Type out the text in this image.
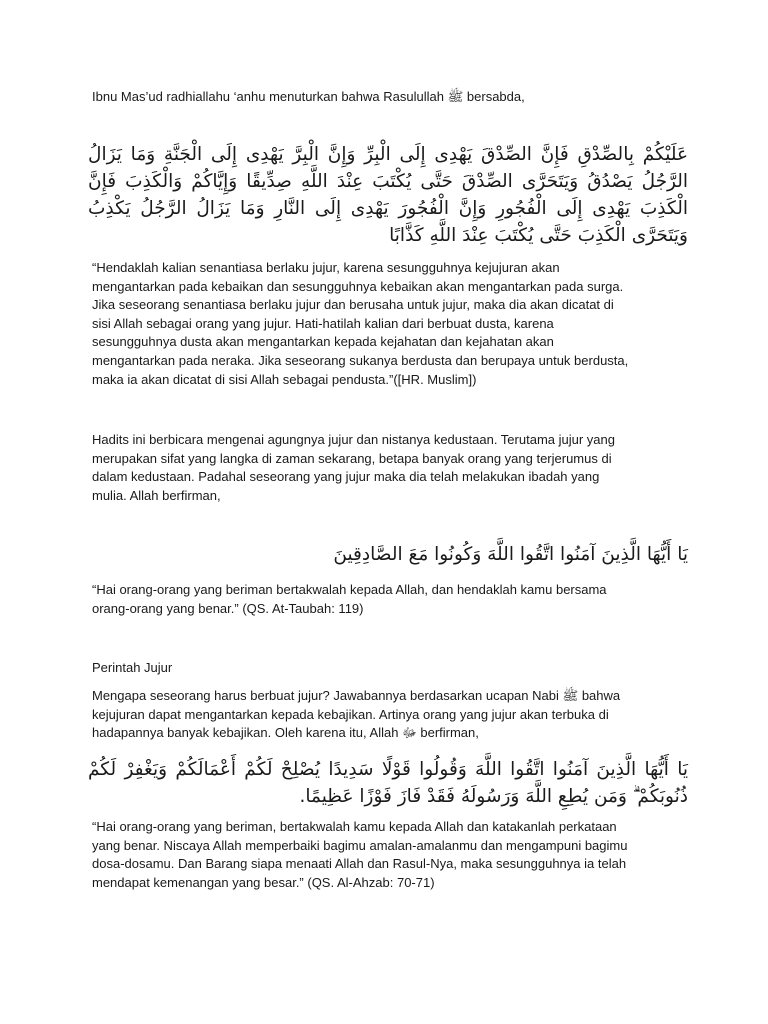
Ibnu Mas’ud radhiallahu ‘anhu menuturkan bahwa Rasulullah ﷺ bersabda,
عَلَيْكُمْ بِالصِّدْقِ فَإِنَّ الصِّدْقَ يَهْدِى إِلَى الْبِرِّ وَإِنَّ الْبِرَّ يَهْدِى إِلَى الْجَنَّةِ وَمَا يَزَالُ الرَّجُلُ يَصْدُقُ وَيَتَحَرَّى الصِّدْقَ حَتَّى يُكْتَبَ عِنْدَ اللَّهِ صِدِّيقًا وَإِيَّاكُمْ وَالْكَذِبَ فَإِنَّ الْكَذِبَ يَهْدِى إِلَى الْفُجُورِ وَإِنَّ الْفُجُورَ يَهْدِى إِلَى النَّارِ وَمَا يَزَالُ الرَّجُلُ يَكْذِبُ وَيَتَحَرَّى الْكَذِبَ حَتَّى يُكْتَبَ عِنْدَ اللَّهِ كَذَّابًا
“Hendaklah kalian senantiasa berlaku jujur, karena sesungguhnya kejujuran akan
mengantarkan pada kebaikan dan sesungguhnya kebaikan akan mengantarkan pada surga.
Jika seseorang senantiasa berlaku jujur dan berusaha untuk jujur, maka dia akan dicatat di
sisi Allah sebagai orang yang jujur. Hati-hatilah kalian dari berbuat dusta, karena
sesungguhnya dusta akan mengantarkan kepada kejahatan dan kejahatan akan
mengantarkan pada neraka. Jika seseorang sukanya berdusta dan berupaya untuk berdusta,
maka ia akan dicatat di sisi Allah sebagai pendusta.”([HR. Muslim])
Hadits ini berbicara mengenai agungnya jujur dan nistanya kedustaan. Terutama jujur yang
merupakan sifat yang langka di zaman sekarang, betapa banyak orang yang terjerumus di
dalam kedustaan. Padahal seseorang yang jujur maka dia telah melakukan ibadah yang
mulia. Allah berfirman,
يَا أَيُّهَا الَّذِينَ آمَنُوا اتَّقُوا اللَّهَ وَكُونُوا مَعَ الصَّادِقِينَ
“Hai orang-orang yang beriman bertakwalah kepada Allah, dan hendaklah kamu bersama
orang-orang yang benar.” (QS. At-Taubah: 119)
Perintah Jujur
Mengapa seseorang harus berbuat jujur? Jawabannya berdasarkan ucapan Nabi ﷺ bahwa
kejujuran dapat mengantarkan kepada kebajikan. Artinya orang yang jujur akan terbuka di
hadapannya banyak kebajikan. Oleh karena itu, Allah ﷻ berfirman,
يَا أَيُّهَا الَّذِينَ آمَنُوا اتَّقُوا اللَّهَ وَقُولُوا قَوْلًا سَدِيدًا يُصْلِحْ لَكُمْ أَعْمَالَكُمْ وَيَغْفِرْ لَكُمْ ذُنُوبَكُمْ ۗ وَمَن يُطِعِ اللَّهَ وَرَسُولَهُ فَقَدْ فَازَ فَوْزًا عَظِيمًا.
“Hai orang-orang yang beriman, bertakwalah kamu kepada Allah dan katakanlah perkataan
yang benar. Niscaya Allah memperbaiki bagimu amalan-amalanmu dan mengampuni bagimu
dosa-dosamu. Dan Barang siapa menaati Allah dan Rasul-Nya, maka sesungguhnya ia telah
mendapat kemenangan yang besar.” (QS. Al-Ahzab: 70-71)
